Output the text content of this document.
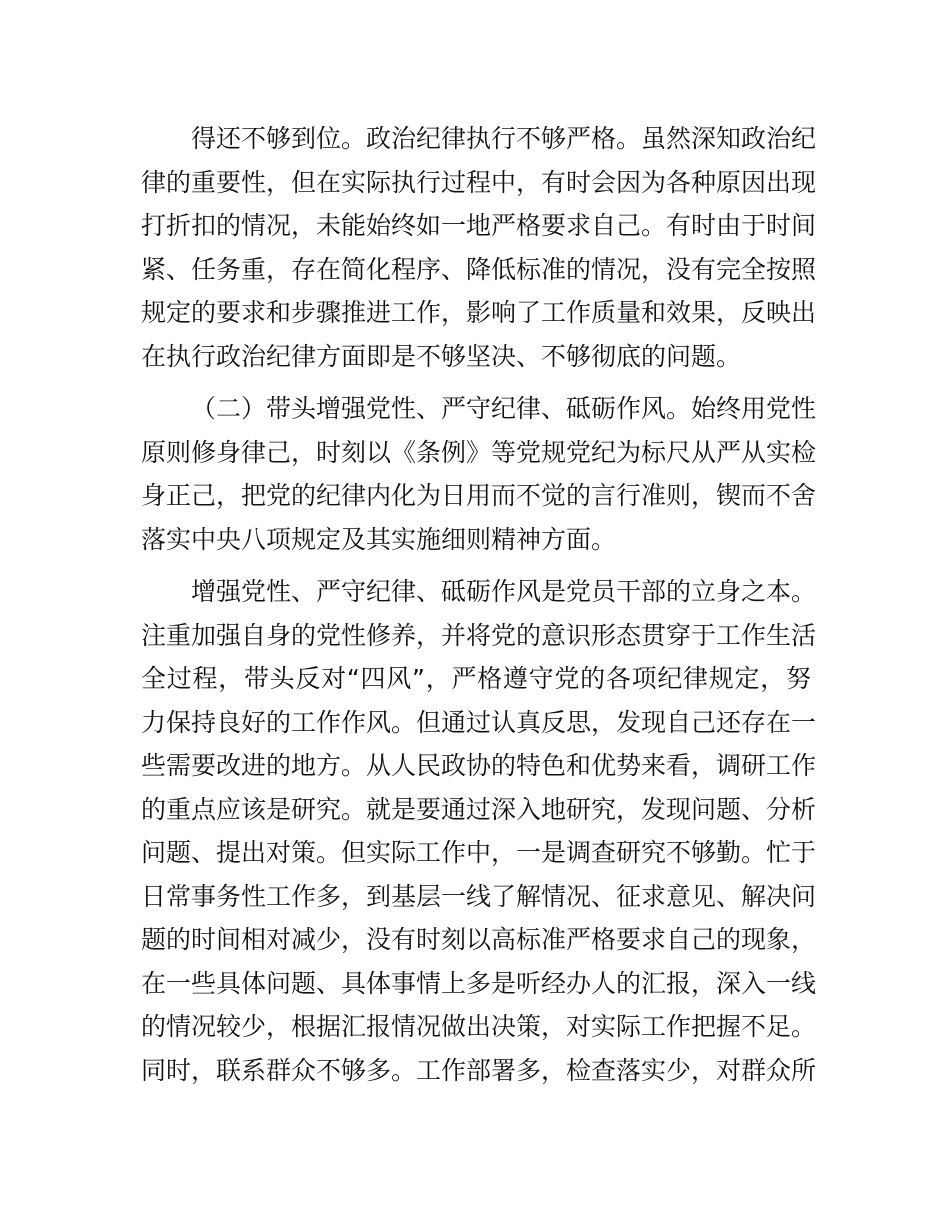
得还不够到位。政治纪律执行不够严格。虽然深知政治纪
律的重要性，但在实际执行过程中，有时会因为各种原因出现
打折扣的情况，未能始终如一地严格要求自己。有时由于时间
紧、任务重，存在简化程序、降低标准的情况，没有完全按照
规定的要求和步骤推进工作，影响了工作质量和效果，反映出
在执行政治纪律方面即是不够坚决、不够彻底的问题。
（二）带头增强党性、严守纪律、砥砺作风。始终用党性
原则修身律己，时刻以《条例》等党规党纪为标尺从严从实检
身正己，把党的纪律内化为日用而不觉的言行准则，锲而不舍
落实中央八项规定及其实施细则精神方面。
增强党性、严守纪律、砥砺作风是党员干部的立身之本。
注重加强自身的党性修养，并将党的意识形态贯穿于工作生活
全过程，带头反对“四风”，严格遵守党的各项纪律规定，努
力保持良好的工作作风。但通过认真反思，发现自己还存在一
些需要改进的地方。从人民政协的特色和优势来看，调研工作
的重点应该是研究。就是要通过深入地研究，发现问题、分析
问题、提出对策。但实际工作中，一是调查研究不够勤。忙于
日常事务性工作多，到基层一线了解情况、征求意见、解决问
题的时间相对减少，没有时刻以高标准严格要求自己的现象，
在一些具体问题、具体事情上多是听经办人的汇报，深入一线
的情况较少，根据汇报情况做出决策，对实际工作把握不足。
同时，联系群众不够多。工作部署多，检查落实少，对群众所
